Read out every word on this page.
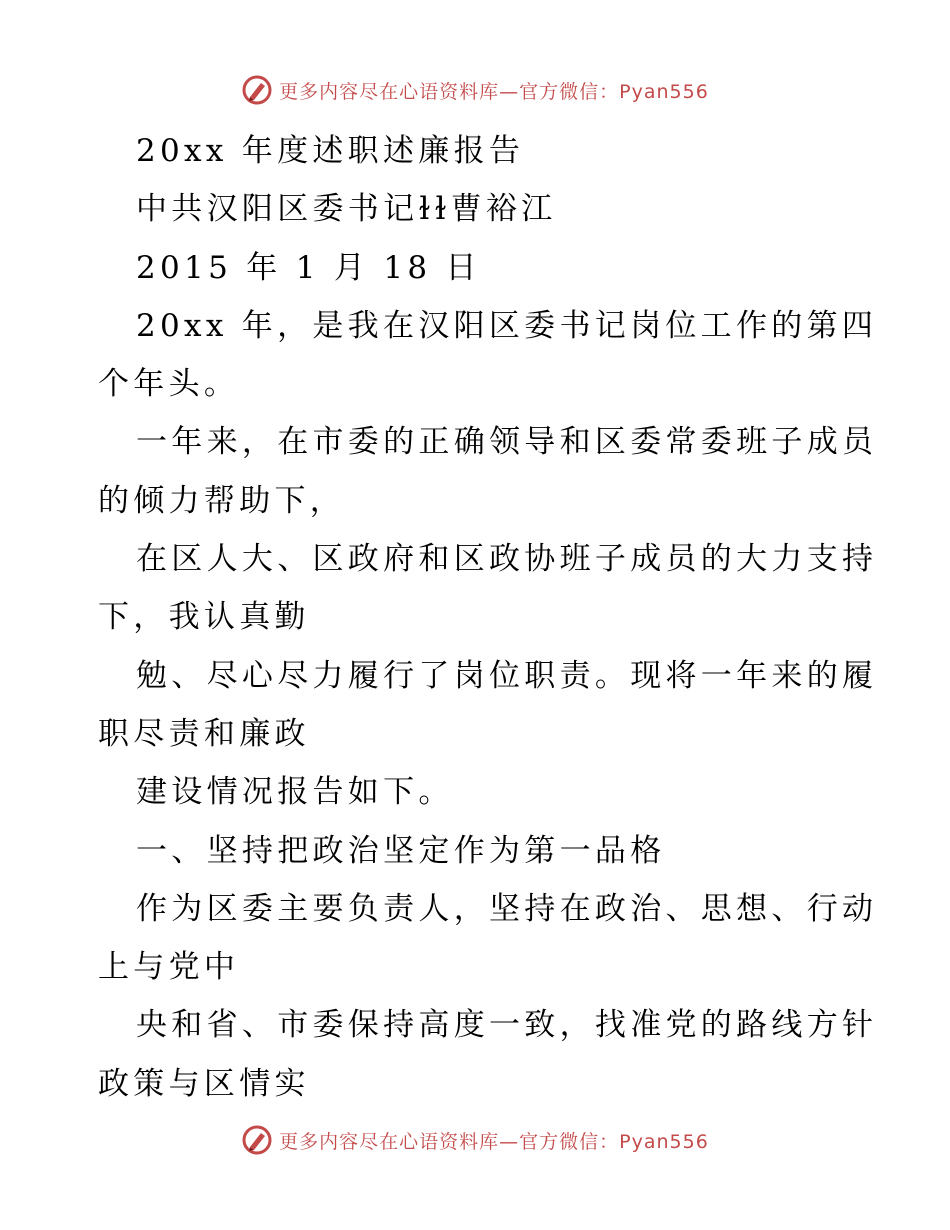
更多内容尽在心语资料库—官方微信：Pyan556
20xx 年度述职述廉报告
中共汉阳区委书记ɫɫ曹裕江
2015 年 1 月 18 日
20xx 年，是我在汉阳区委书记岗位工作的第四
个年头。
一年来，在市委的正确领导和区委常委班子成员
的倾力帮助下，
在区人大、区政府和区政协班子成员的大力支持
下，我认真勤
勉、尽心尽力履行了岗位职责。现将一年来的履
职尽责和廉政
建设情况报告如下。
一、坚持把政治坚定作为第一品格
作为区委主要负责人，坚持在政治、思想、行动
上与党中
央和省、市委保持高度一致，找准党的路线方针
政策与区情实
更多内容尽在心语资料库—官方微信：Pyan556
